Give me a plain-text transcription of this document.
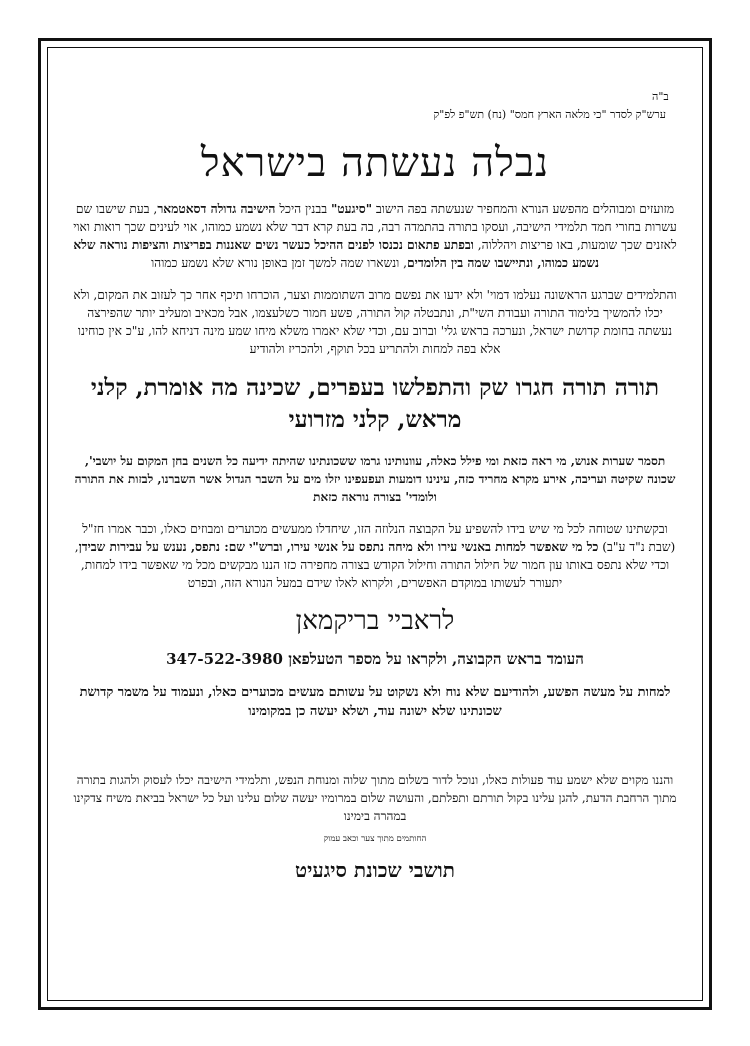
ב"ה
ערש"ק לסדר "כי מלאה הארץ חמס" (נח) תש"פ לפ"ק
נבלה נעשתה בישראל

מזועזים ומבוהלים מהפשע הנורא והמחפיר שנעשתה בפה הישוב "סיגעט" בבנין היכל הישיבה גדולה דסאטמאר, בעת שישבו שם עשרות בחורי חמד תלמידי הישיבה, ועסקו בתורה בהתמדה רבה, בה בעת קרא דבר שלא נשמע כמוהו, אוי לעינים שכך רואות ואוי לאזנים שכך שומעות, באו פריצות ויהללוה, ובפתע פתאום נכנסו לפנים ההיכל כעשר נשים שאננות בפריצות והציפות נוראה שלא נשמע כמוהו, ונתיישבו שמה בין הלומדים, ונשארו שמה למשך זמן באופן נורא שלא נשמע כמוהו

והתלמידים שברגע הראשונה נעלמו דמוי' ולא ידעו את נפשם מרוב השתוממות וצער, הוכרחו תיכף אחר כך לעזוב את המקום, ולא יכלו להמשיך בלימוד התורה ועבודת השי"ת, ונתבטלה קול התורה, פשע חמור כשלעצמו, אבל מכאיב ומעליב יותר שהפירצה נעשתה בחומת קדושת ישראל, ונערכה בראש גלי' וברוב עם, וכדי שלא יאמרו משלא מיחו שמע מינה דניחא להו, ע"כ אין כוחינו אלא בפה למחות ולהתריע בכל תוקף, ולהכריז ולהודיע

תורה תורה חגרו שק והתפלשו בעפרים, שכינה מה אומרת, קלני מראש, קלני מזרועי

תסמר שערות אנוש, מי ראה כזאת ומי פילל כאלה, עוונותינו גרמו ששכונתינו שהיתה ידיעה כל השנים בחן המקום על יושבי', שכונה שקיטה ועריבה, אירע מקרא מחריד כזה, עינינו דומעות ועפעפינו יזלו מים על השבר הגדול אשר השברנו, לבזות את התורה ולומדי' בצורה נוראה כזאת

ובקשתינו שטוחה לכל מי שיש בידו להשפיע על הקבוצה הנלוזה הזו, שיחדלו ממעשים מכוערים ומבוזים כאלו, וכבר אמרו חז"ל (שבת נ"ד ע"ב) כל מי שאפשר למחות באנשי עירו ולא מיחה נתפס על אנשי עירו, וברש"י שם: נתפס, נענש על עבירות שבידן, וכדי שלא נתפס באותו עון חמור של חילול התורה וחילול הקודש בצורה מחפירה כזו הננו מבקשים מכל מי שאפשר בידו למחות, יתעורר לעשותו במוקדם האפשרים, ולקרוא לאלו שידם במעל הנורא הזה, ובפרט

לראביי בריקמאן
העומד בראש הקבוצה, ולקראו על מספר הטעלפאן 347-522-3980

למחות על מעשה הפשע, ולהודיעם שלא נוח ולא נשקוט על עשותם מעשים מכוערים כאלו, ונעמוד על משמר קדושת שכונתינו שלא ישונה עוד, ושלא יעשה כן במקומינו

והננו מקוים שלא ישמע עוד פעולות כאלו, ונוכל לדור בשלום מתוך שלוה ומנוחת הנפש, ותלמידי הישיבה יכלו לעסוק ולהגות בתורה מתוך הרחבת הדעת, להגן עלינו בקול תורתם ותפלתם, והעושה שלום במרומיו יעשה שלום עלינו ועל כל ישראל בביאת משיח צדקינו במהרה בימינו

החותמים מתוך צער וכאב עמוק
תושבי שכונת סיגעיט
